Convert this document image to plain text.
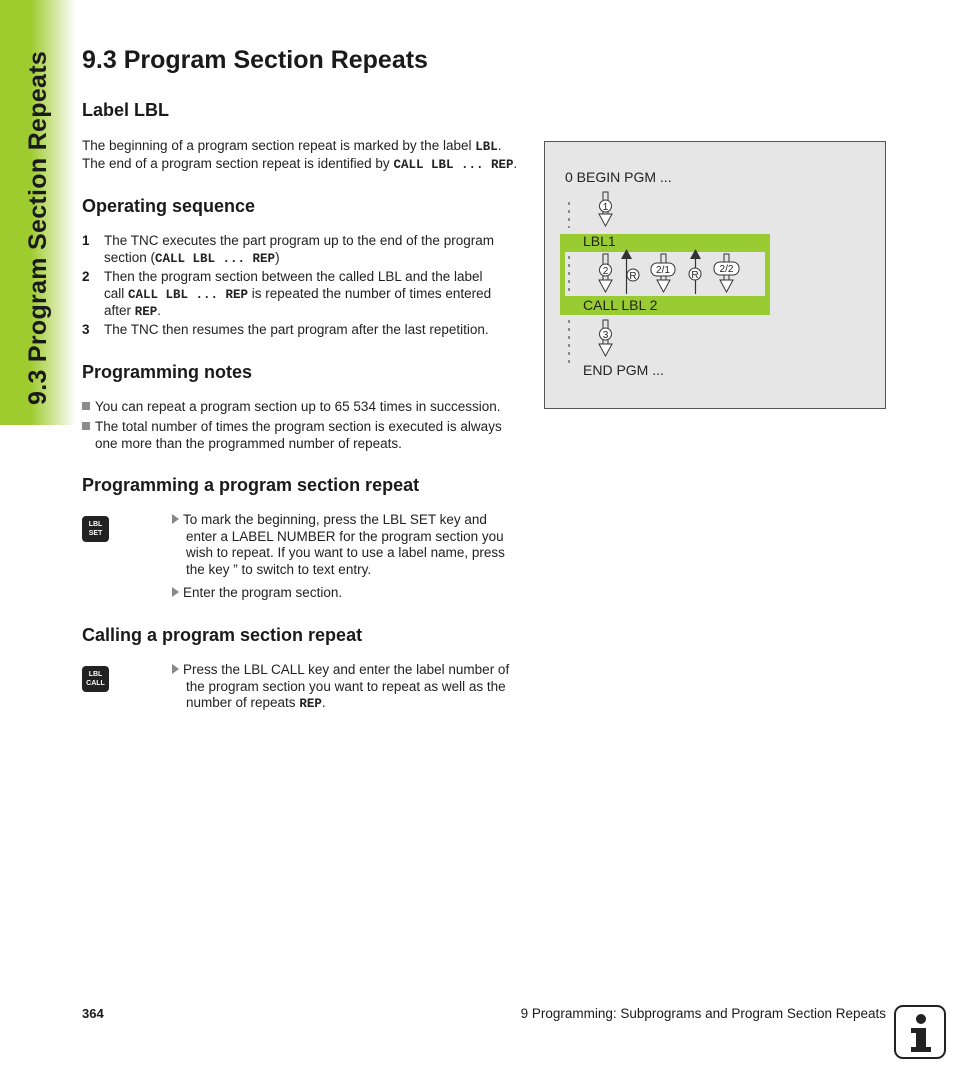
9.3 Program Section Repeats	9.3 Program Section Repeats
Label LBL
The beginning of a program section repeat is marked by the label LBL.
The end of a program section repeat is identified by CALL LBL ... REP.
Operating sequence
1 The TNC executes the part program up to the end of the program
section (CALL LBL ... REP)
2 Then the program section between the called LBL and the label
call CALL LBL ... REP is repeated the number of times entered
after REP.
3 The TNC then resumes the part program after the last repetition.
Programming notes
You can repeat a program section up to 65 534 times in succession.
The total number of times the program section is executed is always
one more than the programmed number of repeats.
Programming a program section repeat
LBL
SET
To mark the beginning, press the LBL SET key and
enter a LABEL NUMBER for the program section you
wish to repeat. If you want to use a label name, press
the key ” to switch to text entry.
Enter the program section.
Calling a program section repeat
LBL
CALL
Press the LBL CALL key and enter the label number of
the program section you want to repeat as well as the
number of repeats REP.
0 BEGIN PGM ...
LBL1
CALL LBL 2
END PGM ...
1
2 R
2/1 R
2/2
3
364	9 Programming: Subprograms and Program Section Repeats
